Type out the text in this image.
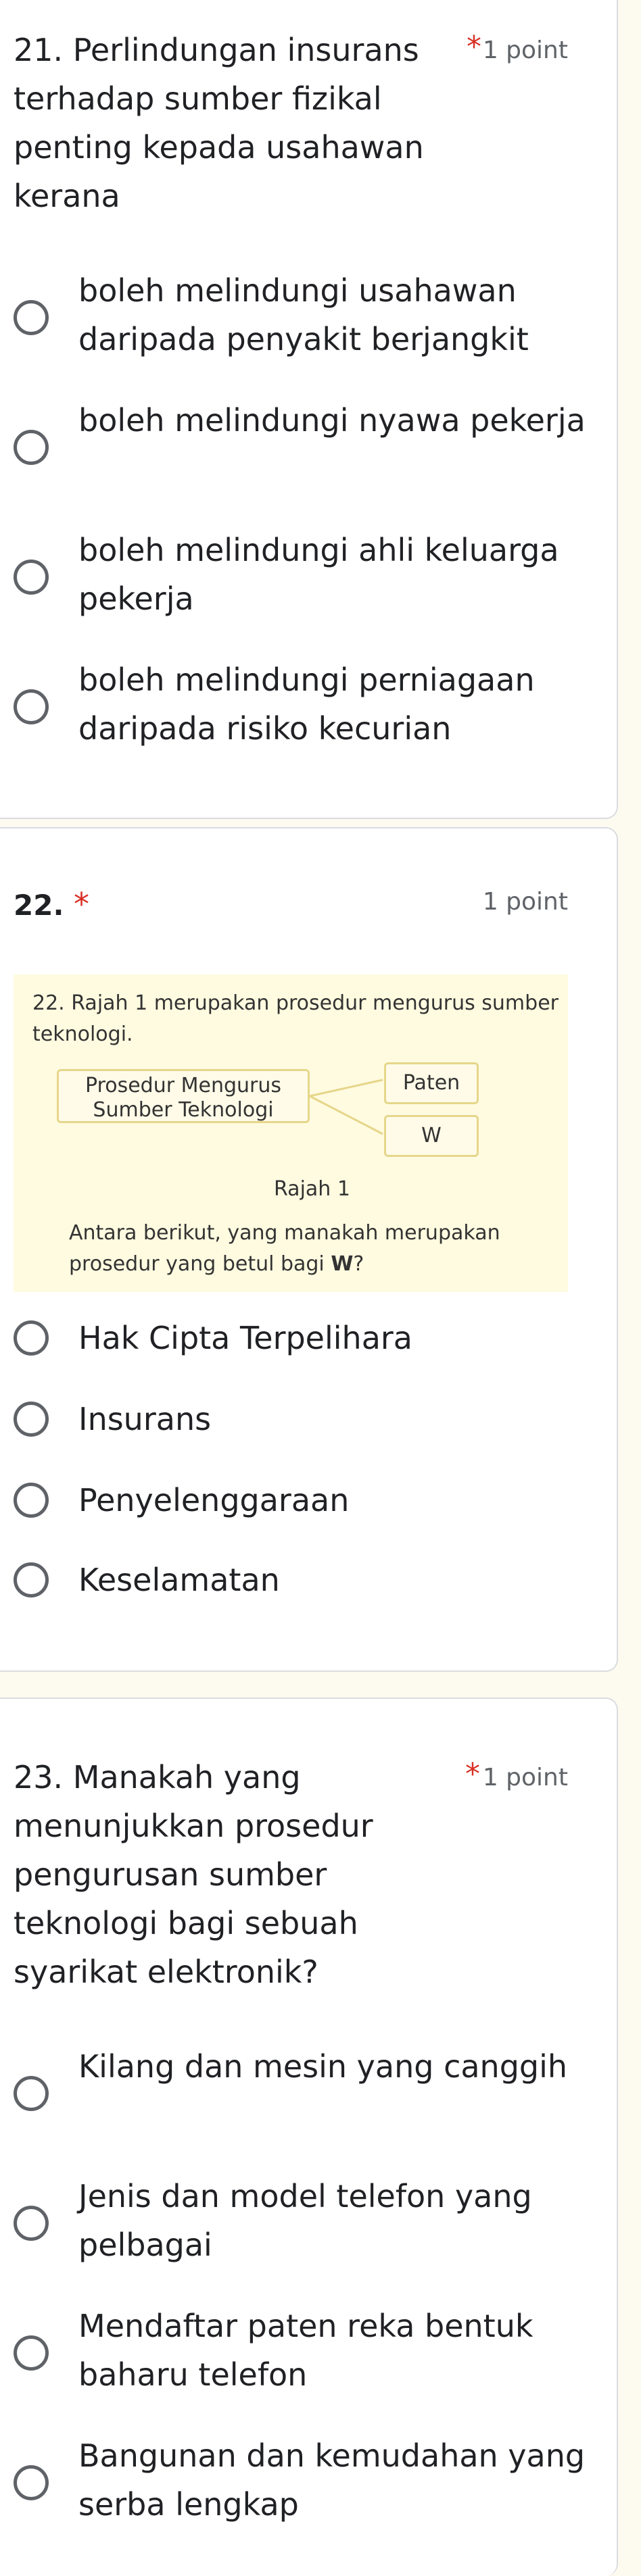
21. Perlindungan insurans terhadap sumber fizikal penting kepada usahawan kerana
* 1 point
boleh melindungi usahawan daripada penyakit berjangkit
boleh melindungi nyawa pekerja
boleh melindungi ahli keluarga pekerja
boleh melindungi perniagaan daripada risiko kecurian
22. *	1 point
22. Rajah 1 merupakan prosedur mengurus sumber teknologi.
Prosedur Mengurus Sumber Teknologi
Paten
W
Rajah 1
Antara berikut, yang manakah merupakan prosedur yang betul bagi W?
Hak Cipta Terpelihara
Insurans
Penyelenggaraan
Keselamatan
23. Manakah yang menunjukkan prosedur pengurusan sumber teknologi bagi sebuah syarikat elektronik?
* 1 point
Kilang dan mesin yang canggih
Jenis dan model telefon yang pelbagai
Mendaftar paten reka bentuk baharu telefon
Bangunan dan kemudahan yang serba lengkap
